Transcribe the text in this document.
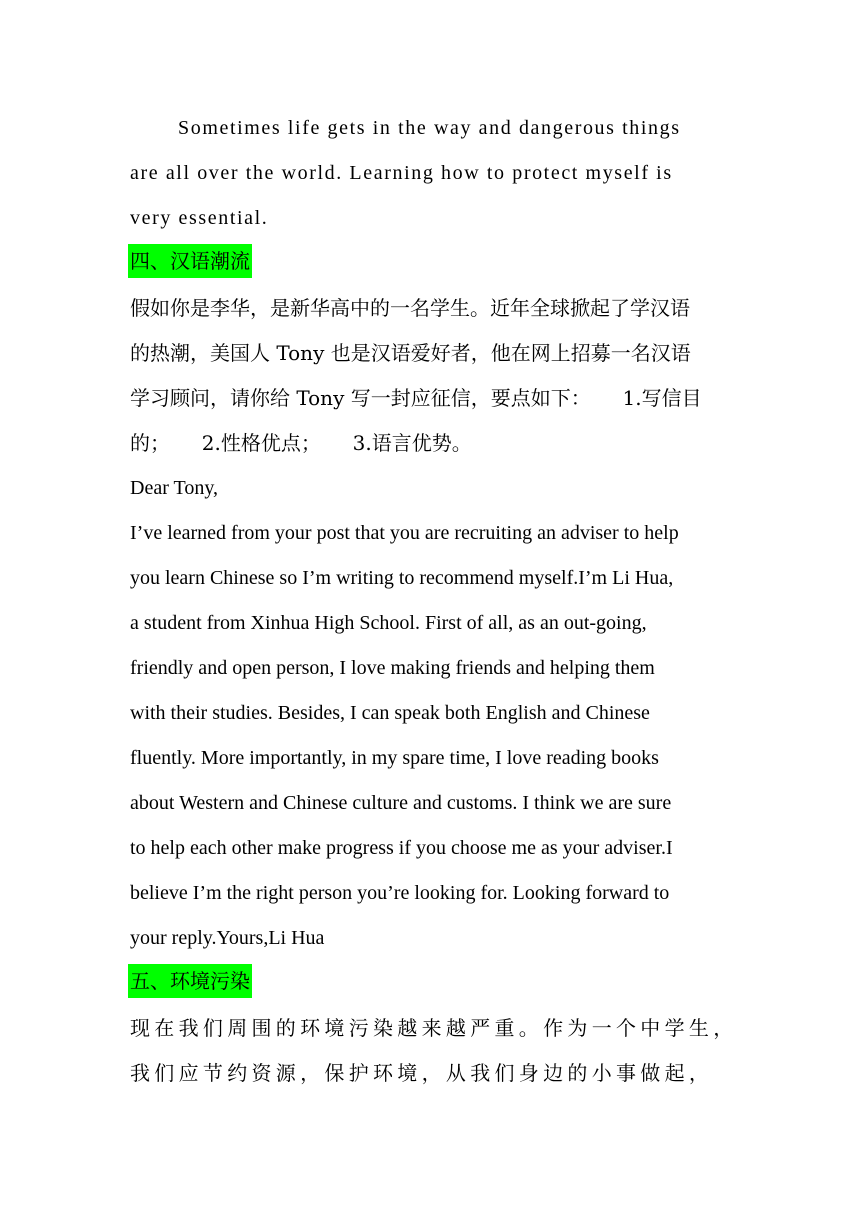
Sometimes life gets in the way and dangerous things
are all over the world. Learning how to protect myself is
very essential.
四、汉语潮流
假如你是李华，是新华高中的一名学生。近年全球掀起了学汉语
的热潮，美国人 Tony 也是汉语爱好者，他在网上招募一名汉语
学习顾问，请你给 Tony 写一封应征信，要点如下：     1.写信目
的；     2.性格优点；     3.语言优势。
Dear Tony,
I’ve learned from your post that you are recruiting an adviser to help
you learn Chinese so I’m writing to recommend myself.I’m Li Hua,
a student from Xinhua High School. First of all, as an out-going,
friendly and open person, I love making friends and helping them
with their studies. Besides, I can speak both English and Chinese
fluently. More importantly, in my spare time, I love reading books
about Western and Chinese culture and customs. I think we are sure
to help each other make progress if you choose me as your adviser.I
believe I’m the right person you’re looking for. Looking forward to
your reply.Yours,Li Hua
五、环境污染
现在我们周围的环境污染越来越严重。作为一个中学生，
我们应节约资源，保护环境，从我们身边的小事做起，
